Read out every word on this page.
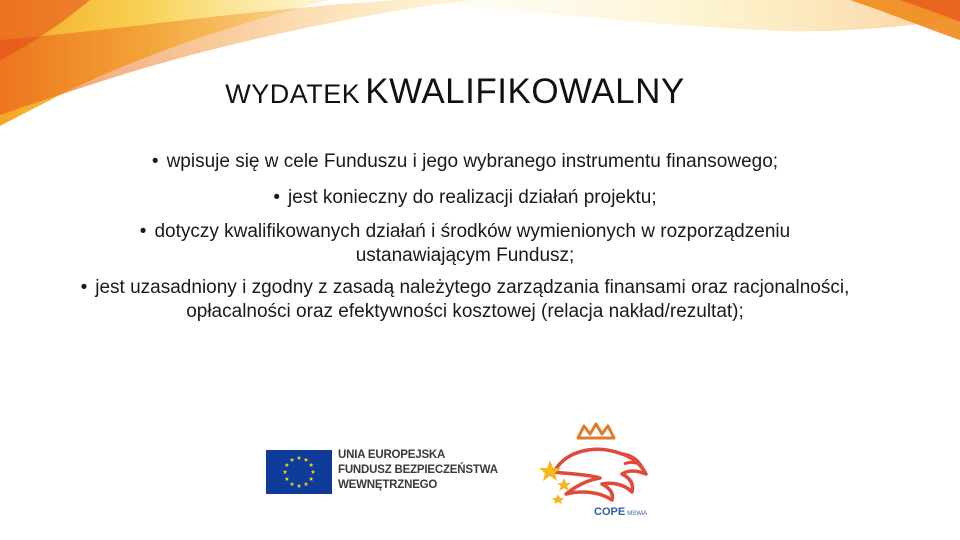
WYDATEK KWALIFIKOWALNY
• wpisuje się w cele Funduszu i jego wybranego instrumentu finansowego;
• jest konieczny do realizacji działań projektu;
• dotyczy kwalifikowanych działań i środków wymienionych w rozporządzeniu ustanawiającym Fundusz;
• jest uzasadniony i zgodny z zasadą należytego zarządzania finansami oraz racjonalności, opłacalności oraz efektywności kosztowej (relacja nakład/rezultat);
UNIA EUROPEJSKA
FUNDUSZ BEZPIECZEŃSTWA
WEWNĘTRZNEGO
COPE MSWiA
